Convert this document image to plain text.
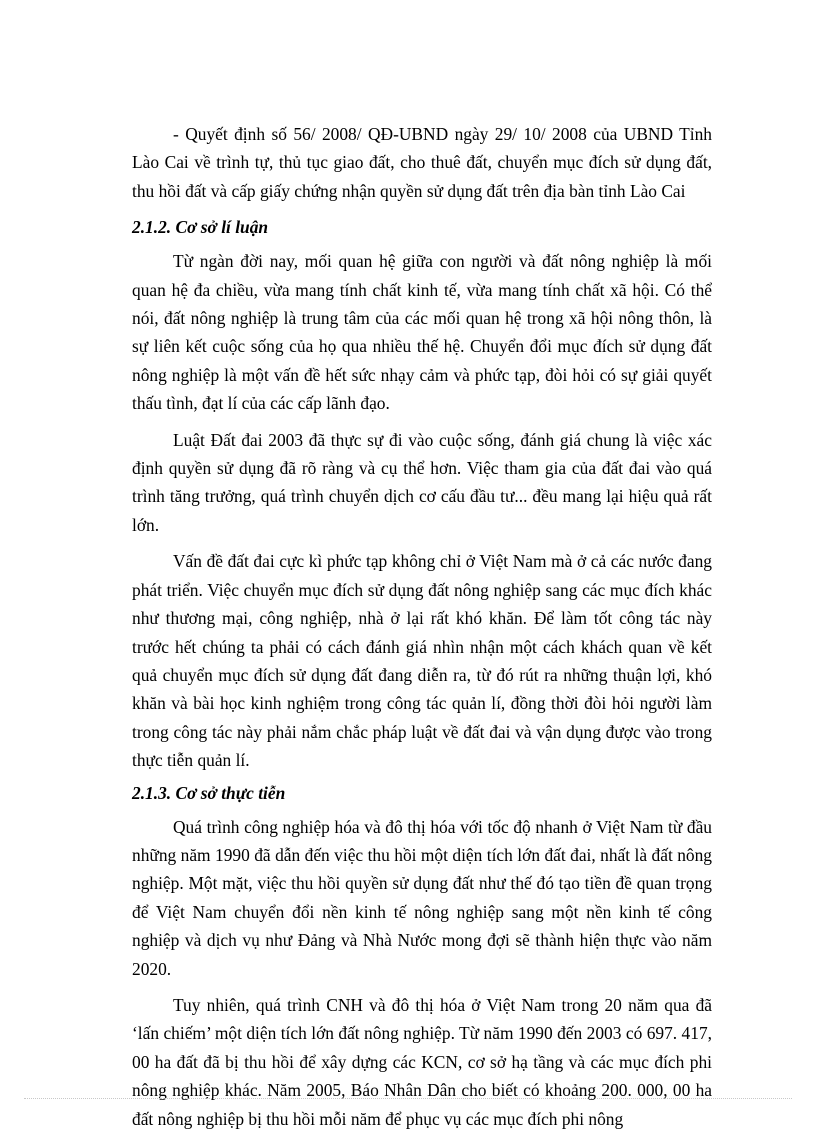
- Quyết định số 56/ 2008/ QĐ-UBND ngày 29/ 10/ 2008 của UBND Tỉnh Lào Cai về trình tự, thủ tục giao đất, cho thuê đất, chuyển mục đích sử dụng đất, thu hồi đất và cấp giấy chứng nhận quyền sử dụng đất trên địa bàn tỉnh Lào Cai

2.1.2. Cơ sở lí luận

Từ ngàn đời nay, mối quan hệ giữa con người và đất nông nghiệp là mối quan hệ đa chiều, vừa mang tính chất kinh tế, vừa mang tính chất xã hội. Có thể nói, đất nông nghiệp là trung tâm của các mối quan hệ trong xã hội nông thôn, là sự liên kết cuộc sống của họ qua nhiều thế hệ. Chuyển đổi mục đích sử dụng đất nông nghiệp là một vấn đề hết sức nhạy cảm và phức tạp, đòi hỏi có sự giải quyết thấu tình, đạt lí của các cấp lãnh đạo.

Luật Đất đai 2003 đã thực sự đi vào cuộc sống, đánh giá chung là việc xác định quyền sử dụng đã rõ ràng và cụ thể hơn. Việc tham gia của đất đai vào quá trình tăng trưởng, quá trình chuyển dịch cơ cấu đầu tư... đều mang lại hiệu quả rất lớn.

Vấn đề đất đai cực kì phức tạp không chỉ ở Việt Nam mà ở cả các nước đang phát triển. Việc chuyển mục đích sử dụng đất nông nghiệp sang các mục đích khác như thương mại, công nghiệp, nhà ở lại rất khó khăn. Để làm tốt công tác này trước hết chúng ta phải có cách đánh giá nhìn nhận một cách khách quan về kết quả chuyển mục đích sử dụng đất đang diễn ra, từ đó rút ra những thuận lợi, khó khăn và bài học kinh nghiệm trong công tác quản lí, đồng thời đòi hỏi người làm trong công tác này phải nắm chắc pháp luật về đất đai và vận dụng được vào trong thực tiễn quản lí.

2.1.3. Cơ sở thực tiễn

Quá trình công nghiệp hóa và đô thị hóa với tốc độ nhanh ở Việt Nam từ đầu những năm 1990 đã dẫn đến việc thu hồi một diện tích lớn đất đai, nhất là đất nông nghiệp. Một mặt, việc thu hồi quyền sử dụng đất như thế đó tạo tiền đề quan trọng để Việt Nam chuyển đổi nền kinh tế nông nghiệp sang một nền kinh tế công nghiệp và dịch vụ như Đảng và Nhà Nước mong đợi sẽ thành hiện thực vào năm 2020.

Tuy nhiên, quá trình CNH và đô thị hóa ở Việt Nam trong 20 năm qua đã ‘lấn chiếm’ một diện tích lớn đất nông nghiệp. Từ năm 1990 đến 2003 có 697. 417, 00 ha đất đã bị thu hồi để xây dựng các KCN, cơ sở hạ tầng và các mục đích phi nông nghiệp khác. Năm 2005, Báo Nhân Dân cho biết có khoảng 200. 000, 00 ha đất nông nghiệp bị thu hồi mỗi năm để phục vụ các mục đích phi nông
